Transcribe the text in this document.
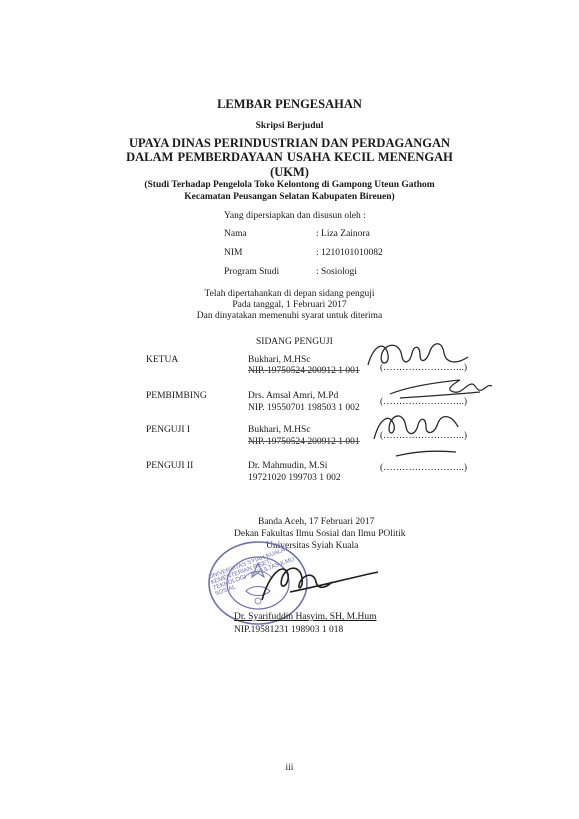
LEMBAR PENGESAHAN
Skripsi Berjudul
UPAYA DINAS PERINDUSTRIAN DAN PERDAGANGAN
DALAM PEMBERDAYAAN USAHA KECIL MENENGAH
(UKM)
(Studi Terhadap Pengelola Toko Kelontong di Gampong Uteun Gathom
Kecamatan Peusangan Selatan Kabupaten Bireuen)
Yang dipersiapkan dan disusun oleh :
Nama	: Liza Zainora
NIM	: 1210101010082
Program Studi	: Sosiologi
Telah dipertahankan di depan sidang penguji
Pada tanggal, 1 Februari 2017
Dan dinyatakan memenuhi syarat untuk diterima
SIDANG PENGUJI
KETUA	Bukhari, M.HSc
NIP. 19750524 200912 1 001 (……………………..)
PEMBIMBING	Drs. Amsal Amri, M.Pd
NIP. 19550701 198503 1 002
(……………………..)
PENGUJI I	Bukhari, M.HSc
NIP. 19750524 200912 1 001
(……………………..)
PENGUJI II	Dr. Mahmudin, M.Si
19721020 199703 1 002
(……………………..)
Banda Aceh, 17 Februari 2017
Dekan Fakultas Ilmu Sosial dan Ilmu POlitik
Universitas Syiah Kuala
UNIVERSITAS SYIAH KUALA · KEMENTERIAN RISET, TEKNOLOGI · FAKULTAS ILMU SOSIAL
Dr. Syarifuddin Hasyim, SH, M.Hum
NIP.19581231 198903 1 018
iii
